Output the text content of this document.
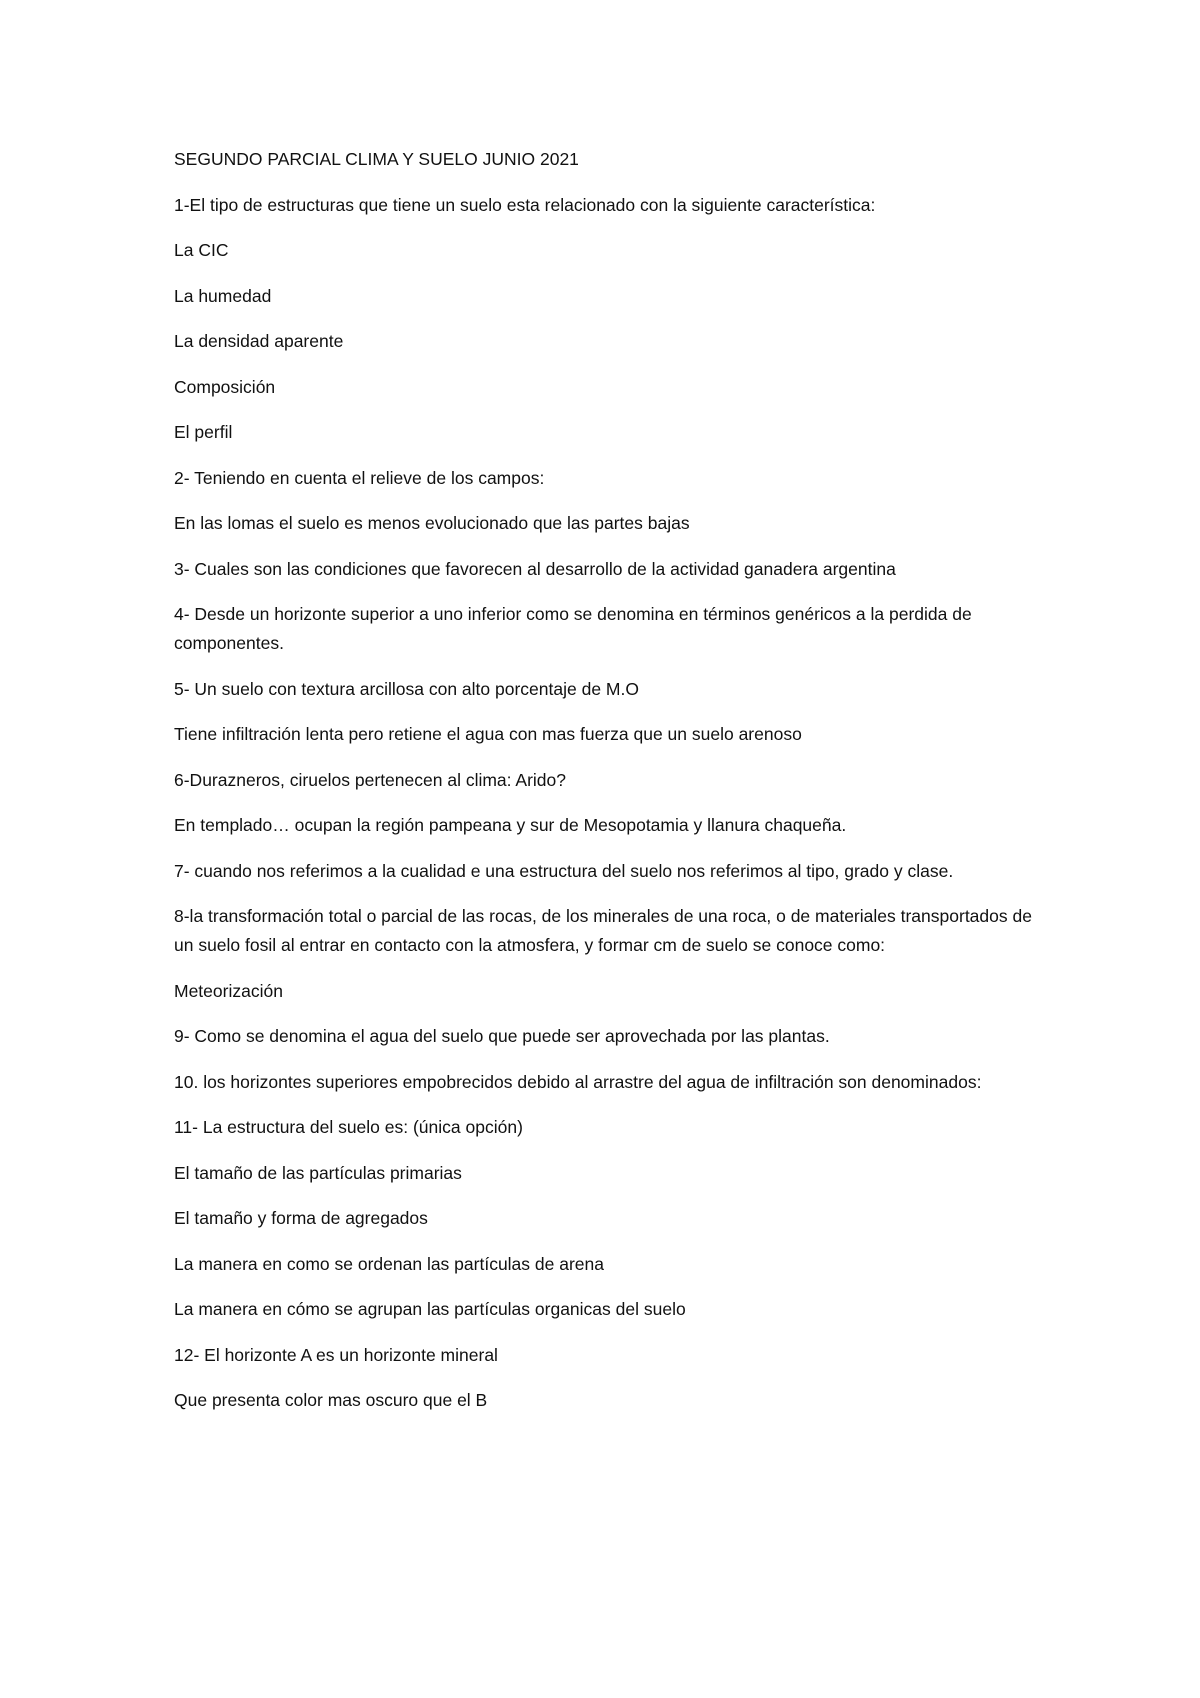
SEGUNDO PARCIAL CLIMA Y SUELO JUNIO 2021

1-El tipo de estructuras que tiene un suelo esta relacionado con la siguiente característica:

La CIC

La humedad

La densidad aparente

Composición

El perfil

2- Teniendo en cuenta el relieve de los campos:

En las lomas el suelo es menos evolucionado que las partes bajas

3- Cuales son las condiciones que favorecen al desarrollo de la actividad ganadera argentina

4- Desde un horizonte superior a uno inferior como se denomina en términos genéricos a la perdida de componentes.

5- Un suelo con textura arcillosa con alto porcentaje de M.O

Tiene infiltración lenta pero retiene el agua con mas fuerza que un suelo arenoso

6-Durazneros, ciruelos pertenecen al clima: Arido?

En templado… ocupan la región pampeana y sur de Mesopotamia y llanura chaqueña.

7- cuando nos referimos a la cualidad e una estructura del suelo nos referimos al tipo, grado y clase.

8-la transformación total o parcial de las rocas, de los minerales de una roca, o de materiales transportados de un suelo fosil al entrar en contacto con la atmosfera, y formar cm de suelo se conoce como:

Meteorización

9- Como se denomina el agua del suelo que puede ser aprovechada por las plantas.

10. los horizontes superiores empobrecidos debido al arrastre del agua de infiltración son denominados:

11- La estructura del suelo es: (única opción)

El tamaño de las partículas primarias

El tamaño y forma de agregados

La manera en como se ordenan las partículas de arena

La manera en cómo se agrupan las partículas organicas del suelo

12- El horizonte A es un horizonte mineral

Que presenta color mas oscuro que el B
